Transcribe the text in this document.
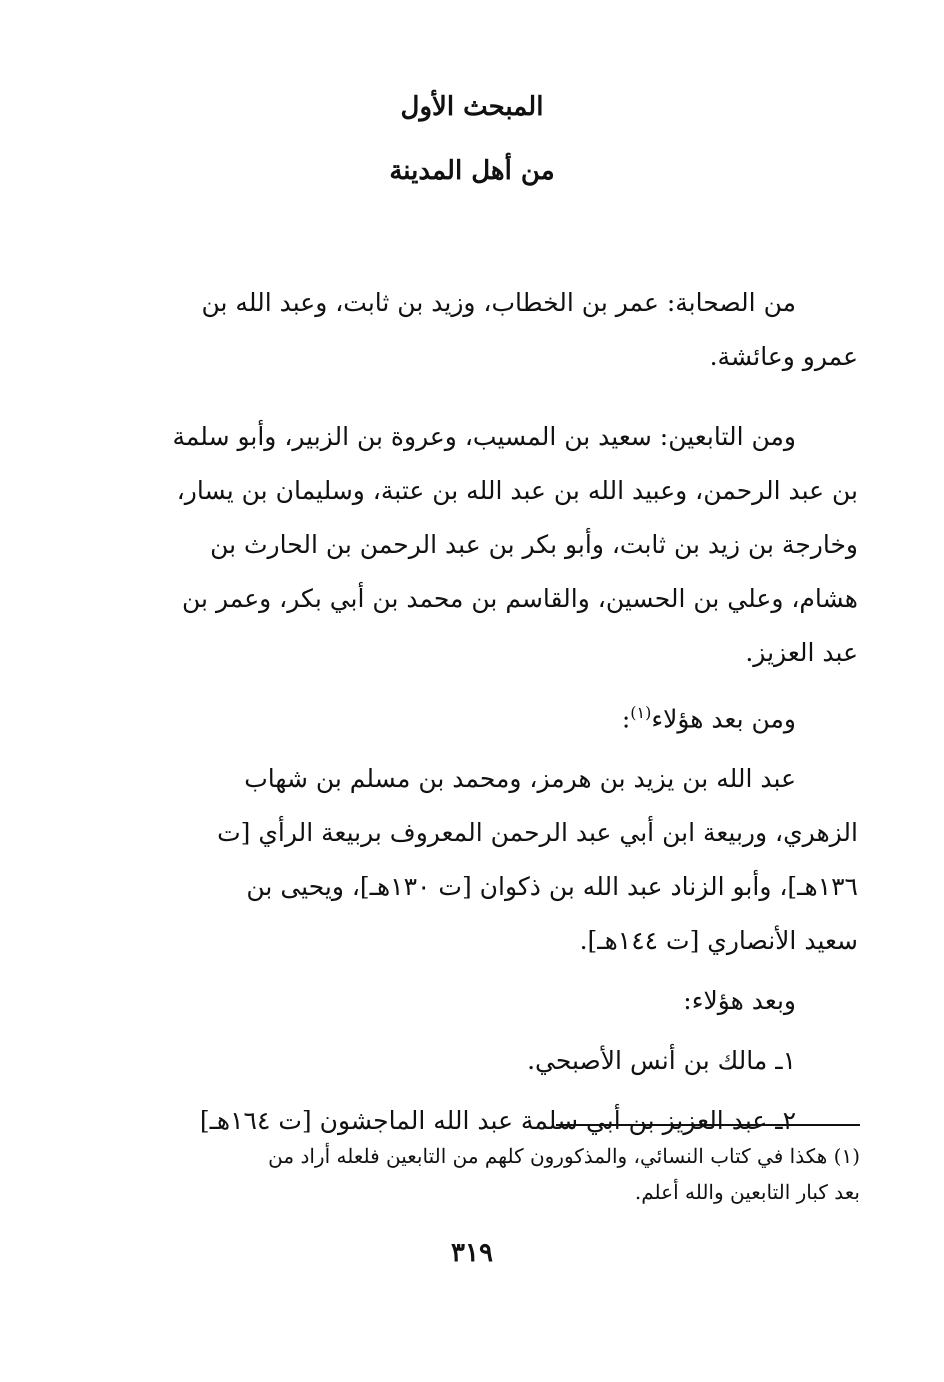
المبحث الأول
من أهل المدينة

من الصحابة: عمر بن الخطاب، وزيد بن ثابت، وعبد الله بن

عمرو وعائشة.

ومن التابعين: سعيد بن المسيب، وعروة بن الزبير، وأبو سلمة

بن عبد الرحمن، وعبيد الله بن عبد الله بن عتبة، وسليمان بن يسار،

وخارجة بن زيد بن ثابت، وأبو بكر بن عبد الرحمن بن الحارث بن

هشام، وعلي بن الحسين، والقاسم بن محمد بن أبي بكر، وعمر بن

عبد العزيز.

ومن بعد هؤلاء$^{(١)}$:

عبد الله بن يزيد بن هرمز، ومحمد بن مسلم بن شهاب

الزهري، وربيعة ابن أبي عبد الرحمن المعروف بربيعة الرأي [ت

١٣٦هـ]، وأبو الزناد عبد الله بن ذكوان [ت ١٣٠هـ]، ويحيى بن

سعيد الأنصاري [ت ١٤٤هـ].

وبعد هؤلاء:

١ـ مالك بن أنس الأصبحي.

٢ـ عبد العزيز بن أبي سلمة عبد الله الماجشون [ت ١٦٤هـ]

(١) هكذا في كتاب النسائي، والمذكورون كلهم من التابعين فلعله أراد من

بعد كبار التابعين والله أعلم.

٣١٩
